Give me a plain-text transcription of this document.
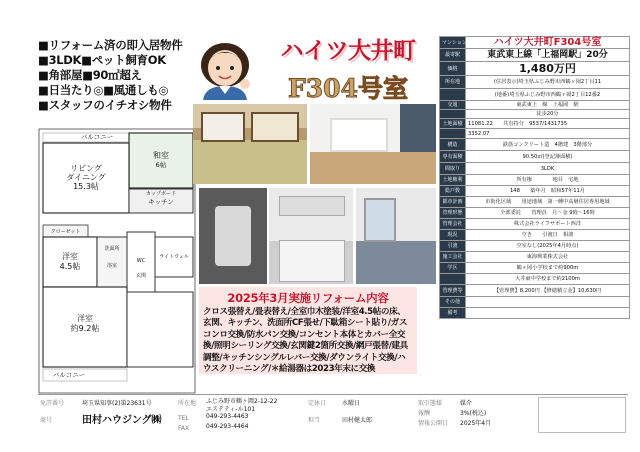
■リフォーム済の即入居物件
■3LDK■ペット飼育OK
■角部屋■90㎡超え
■日当たり◎■風通しも◎
■スタッフのイチオシ物件
ハイツ大井町
F304号室
バルコニー
和室
6帖
リビング
ダイニング
15.3帖
カップボード
キッチン
クローゼット
洋室
4.5帖
洗面所
浴室
WC
玄関
ライトウェル
洋室
約9.2帖
バルコニー
2025年3月実施リフォーム内容
クロス張替え/畳表替え/全室巾木塗装/洋室4.5帖の床、玄関、キッチン、洗面所CF張せ/下駄箱シート貼り/ガスコンロ交換/防水パン交換/コンセント本体とカバー全交換/照明シーリング交換/玄関鍵2箇所交換/網戸張替/建具調整/キッチンシングルレバー交換/ダウンライト交換/ハウスクリーニング/＊給湯器は2023年末に交換
マンション名	ハイツ大井町F304号室
最寄駅	東武東上線「上福岡駅」20分
価格	1,480万円
所在地	(住居表示)埼玉県ふじみ野市西鶴ヶ岡2丁目11
	(地番)埼玉県ふじみ野市西鶴ヶ岡2丁目12番2
交通	東武東上　線　上福岡　駅
	徒歩20分
土地面積	11081.22　　共有持分　9537/1431735
	3352.07
構造	鉄筋コンクリート造　4階建　3階部分
専有面積	90.50㎡(登記簿面積)
間取り	3LDK
土地権利	所有権　　　　地目　宅地
総戸数	148　　築年月　昭和57年11月
都市計画	市街化区域　　用途地域　第一種中高層住居専用地域
管理形態	全部委託　　管理員　月～金 9時～16時
管理会社	株式会社ライフサポート西洋
現況	空き　　引渡日　相談
引渡	空室なし(2025年4月時点)
施工会社	東海興業株式会社
学区	鶴ヶ岡小学校まで約900m
	大井東中学校まで約2100m
管理費等	【管理費】8,200円 【修繕積立金】10,630円
その他	
備考	
免許番号	埼玉県知事(2)第23631号
商号	田村ハウジング㈱
所在地 ふじみ野市鶴ヶ岡2-12-22
エステティ-ル101
TEL	049-293-4463
FAX	049-293-4464
定休日	水曜日
担当	田村健太郎
取引態様	媒介
報酬	3%(税込)
情報公開日 2025年4月
